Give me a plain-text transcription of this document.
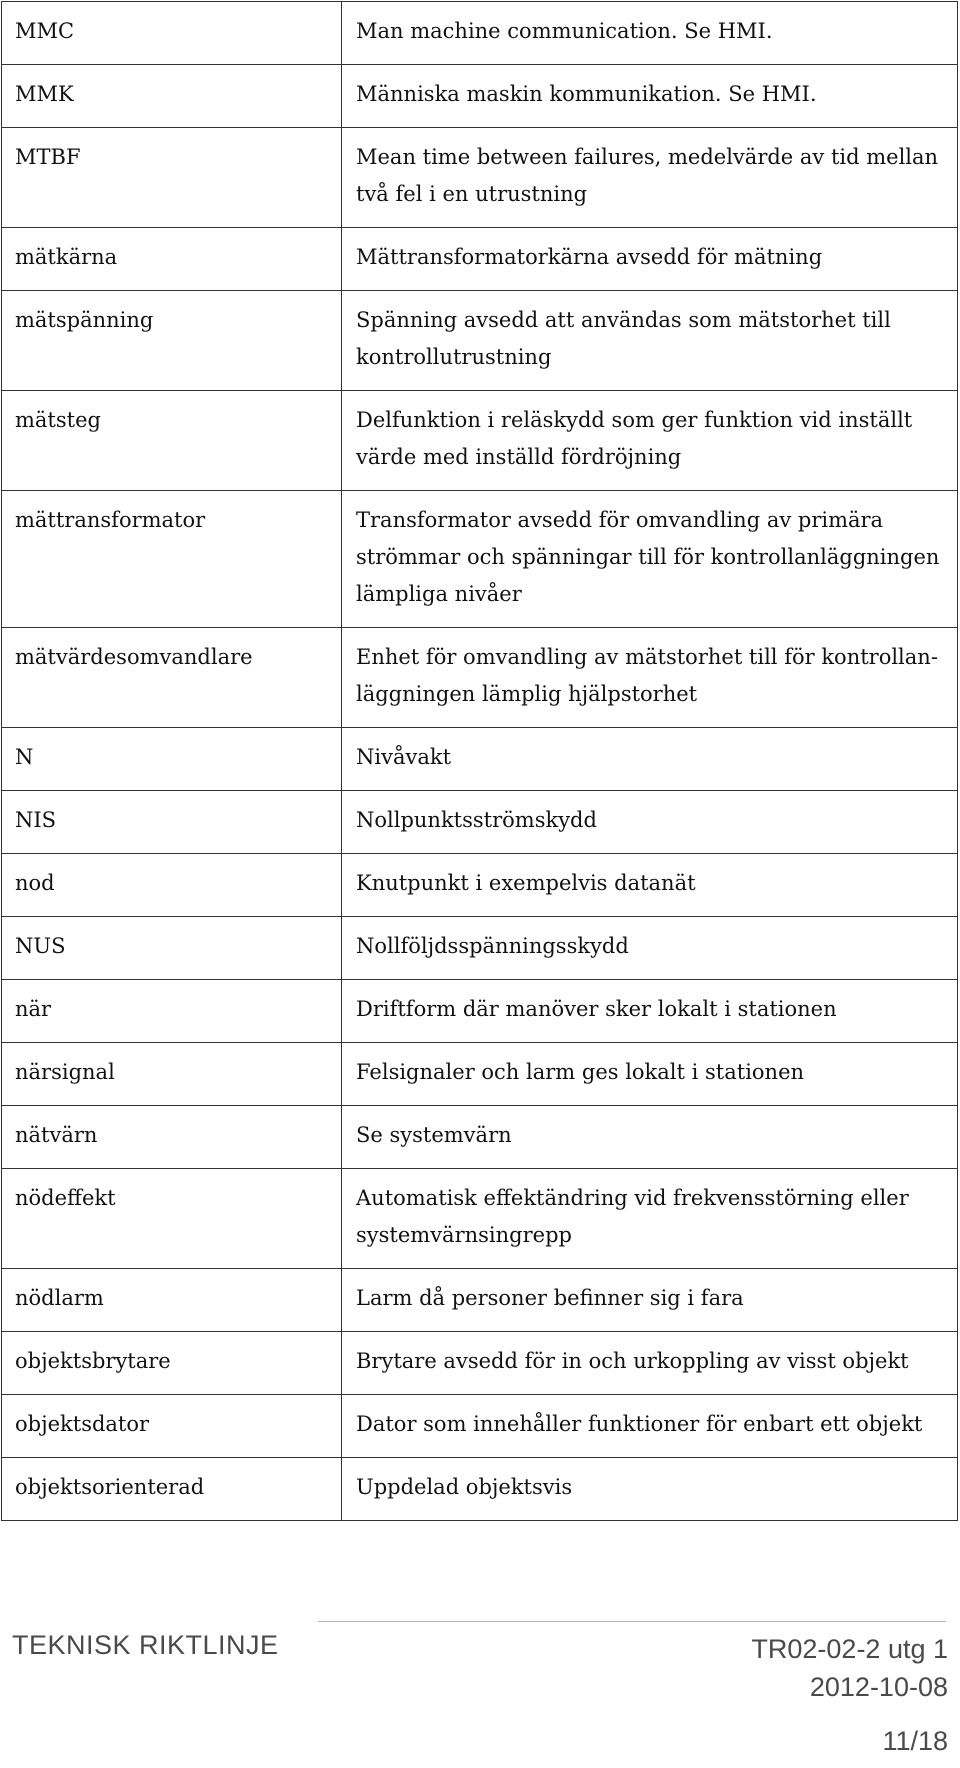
MMC	Man machine communication. Se HMI.
MMK	Människa maskin kommunikation. Se HMI.
MTBF	Mean time between failures, medelvärde av tid mellan två fel i en utrustning
mätkärna	Mättransformatorkärna avsedd för mätning
mätspänning	Spänning avsedd att användas som mätstorhet till kontrollutrustning
mätsteg	Delfunktion i reläskydd som ger funktion vid inställt värde med inställd fördröjning
mättransformator	Transformator avsedd för omvandling av primära strömmar och spänningar till för kontrollanläggningen lämpliga nivåer
mätvärdesomvandlare	Enhet för omvandling av mätstorhet till för kontrollan-läggningen lämplig hjälpstorhet
N	Nivåvakt
NIS	Nollpunktsströmskydd
nod	Knutpunkt i exempelvis datanät
NUS	Nollföljdsspänningsskydd
när	Driftform där manöver sker lokalt i stationen
närsignal	Felsignaler och larm ges lokalt i stationen
nätvärn	Se systemvärn
nödeffekt	Automatisk effektändring vid frekvensstörning eller systemvärnsingrepp
nödlarm	Larm då personer befinner sig i fara
objektsbrytare	Brytare avsedd för in och urkoppling av visst objekt
objektsdator	Dator som innehåller funktioner för enbart ett objekt
objektsorienterad	Uppdelad objektsvis
TEKNISK RIKTLINJE	TR02-02-2 utg 1
2012-10-08
11/18
